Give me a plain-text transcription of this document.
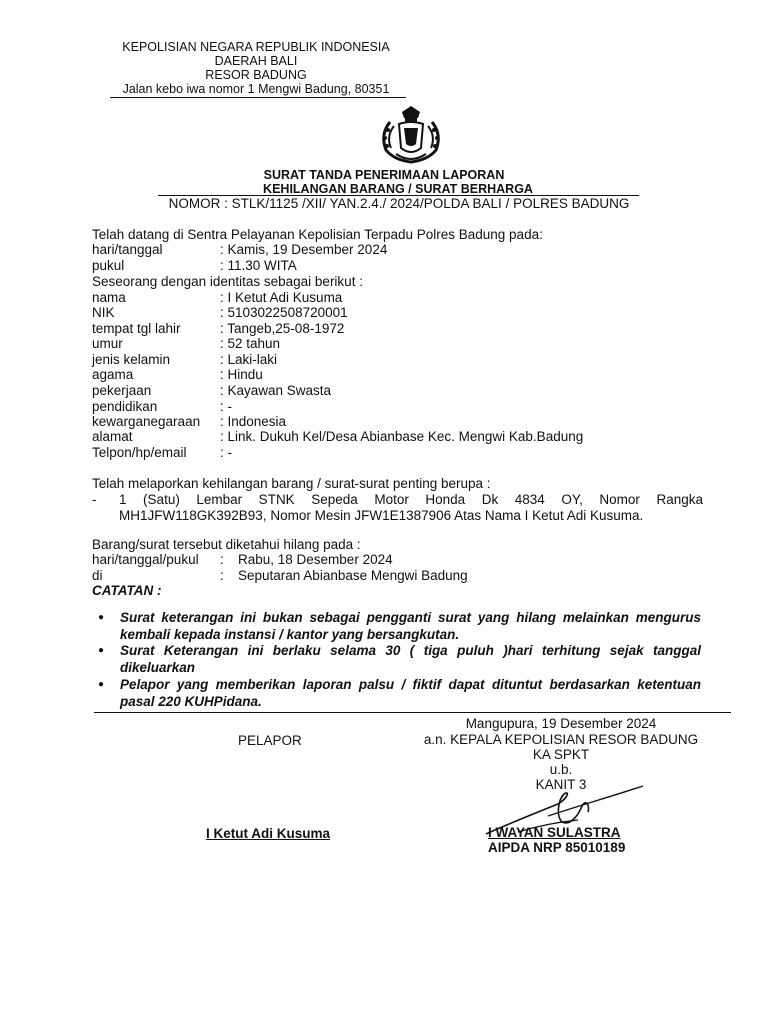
KEPOLISIAN NEGARA REPUBLIK INDONESIA
DAERAH BALI
RESOR BADUNG
Jalan kebo iwa nomor 1 Mengwi Badung, 80351
SURAT TANDA PENERIMAAN LAPORAN
KEHILANGAN BARANG / SURAT BERHARGA
NOMOR : STLK/1125 /XII/ YAN.2.4./ 2024/POLDA BALI / POLRES BADUNG
Telah datang di Sentra Pelayanan Kepolisian Terpadu Polres Badung pada:
hari/tanggal	: Kamis, 19 Desember 2024
pukul	: 11.30 WITA
Seseorang dengan identitas sebagai berikut :
nama	: I Ketut Adi Kusuma
NIK	: 5103022508720001
tempat tgl lahir	: Tangeb,25-08-1972
umur	: 52 tahun
jenis kelamin	: Laki-laki
agama	: Hindu
pekerjaan	: Kayawan Swasta
pendidikan	: -
kewarganegaraan : Indonesia
alamat	: Link. Dukuh Kel/Desa Abianbase Kec. Mengwi Kab.Badung
Telpon/hp/email : -
Telah melaporkan kehilangan barang / surat-surat penting berupa :
- 1 (Satu) Lembar STNK Sepeda Motor Honda Dk 4834 OY, Nomor Rangka
MH1JFW118GK392B93, Nomor Mesin JFW1E1387906 Atas Nama I Ketut Adi Kusuma.
Barang/surat tersebut diketahui hilang pada :
hari/tanggal/pukul : Rabu, 18 Desember 2024
di	: Seputaran Abianbase Mengwi Badung
CATATAN :
● Surat keterangan ini bukan sebagai pengganti surat yang hilang melainkan mengurus
kembali kepada instansi / kantor yang bersangkutan.
● Surat Keterangan ini berlaku selama 30 ( tiga puluh )hari terhitung sejak tanggal
dikeluarkan
● Pelapor yang memberikan laporan palsu / fiktif dapat dituntut berdasarkan ketentuan
pasal 220 KUHPidana.
Mangupura, 19 Desember 2024
PELAPOR	a.n. KEPALA KEPOLISIAN RESOR BADUNG
KA SPKT
u.b.
KANIT 3
I Ketut Adi Kusuma	I WAYAN SULASTRA
AIPDA NRP 85010189
